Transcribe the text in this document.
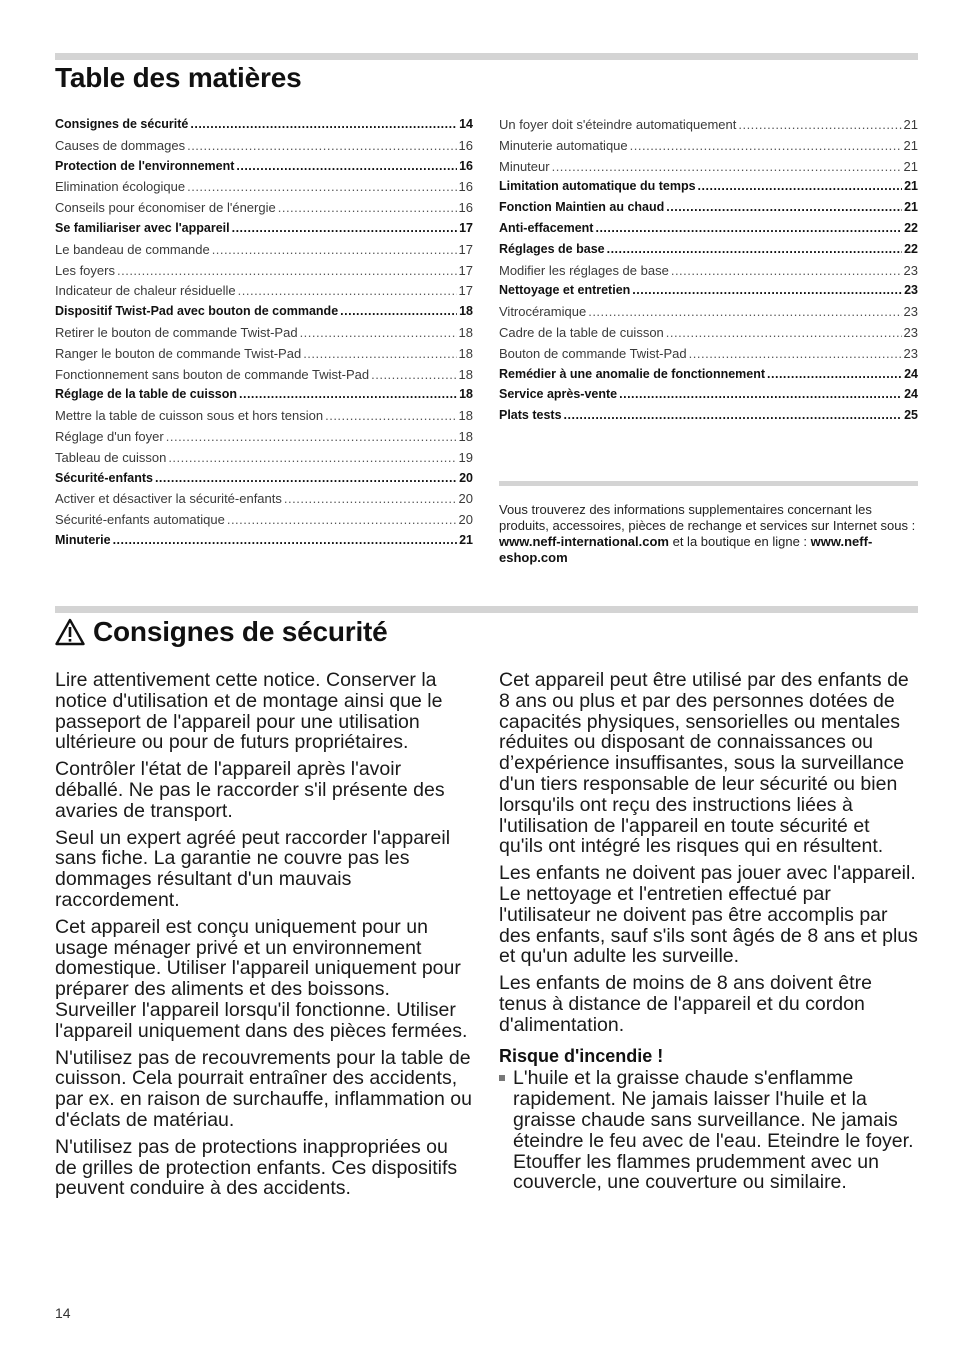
Table des matières
Consignes de sécurité .....	14
Causes de dommages .....	16
Protection de l'environnement .....	16
Elimination écologique .....	16
Conseils pour économiser de l'énergie .....	16
Se familiariser avec l'appareil .....	17
Le bandeau de commande .....	17
Les foyers .....	17
Indicateur de chaleur résiduelle .....	17
Dispositif Twist-Pad avec bouton de commande .....	18
Retirer le bouton de commande Twist-Pad .....	18
Ranger le bouton de commande Twist-Pad .....	18
Fonctionnement sans bouton de commande Twist-Pad .....	18
Réglage de la table de cuisson .....	18
Mettre la table de cuisson sous et hors tension .....	18
Réglage d'un foyer .....	18
Tableau de cuisson .....	19
Sécurité-enfants .....	20
Activer et désactiver la sécurité-enfants .....	20
Sécurité-enfants automatique .....	20
Minuterie .....	21
Un foyer doit s'éteindre automatiquement .....	21
Minuterie automatique .....	21
Minuteur .....	21
Limitation automatique du temps .....	21
Fonction Maintien au chaud .....	21
Anti-effacement .....	22
Réglages de base .....	22
Modifier les réglages de base .....	23
Nettoyage et entretien .....	23
Vitrocéramique .....	23
Cadre de la table de cuisson .....	23
Bouton de commande Twist-Pad .....	23
Remédier à une anomalie de fonctionnement .....	24
Service après-vente .....	24
Plats tests .....	25
Vous trouverez des informations supplementaires concernant les produits, accessoires, pièces de rechange et services sur Internet sous : www.neff-international.com et la boutique en ligne : www.neff-eshop.com
Consignes de sécurité

Lire attentivement cette notice. Conserver la notice d'utilisation et de montage ainsi que le passeport de l'appareil pour une utilisation ultérieure ou pour de futurs propriétaires.

Contrôler l'état de l'appareil après l'avoir déballé. Ne pas le raccorder s'il présente des avaries de transport.

Seul un expert agréé peut raccorder l'appareil sans fiche. La garantie ne couvre pas les dommages résultant d'un mauvais raccordement.

Cet appareil est conçu uniquement pour un usage ménager privé et un environnement domestique. Utiliser l'appareil uniquement pour préparer des aliments et des boissons. Surveiller l'appareil lorsqu'il fonctionne. Utiliser l'appareil uniquement dans des pièces fermées.

N'utilisez pas de recouvrements pour la table de cuisson. Cela pourrait entraîner des accidents, par ex. en raison de surchauffe, inflammation ou d'éclats de matériau.

N'utilisez pas de protections inappropriées ou de grilles de protection enfants. Ces dispositifs peuvent conduire à des accidents.

Cet appareil peut être utilisé par des enfants de 8 ans ou plus et par des personnes dotées de capacités physiques, sensorielles ou mentales réduites ou disposant de connaissances ou d’expérience insuffisantes, sous la surveillance d'un tiers responsable de leur sécurité ou bien lorsqu'ils ont reçu des instructions liées à l'utilisation de l'appareil en toute sécurité et qu'ils ont intégré les risques qui en résultent.

Les enfants ne doivent pas jouer avec l'appareil. Le nettoyage et l'entretien effectué par l'utilisateur ne doivent pas être accomplis par des enfants, sauf s'ils sont âgés de 8 ans et plus et qu'un adulte les surveille.

Les enfants de moins de 8 ans doivent être tenus à distance de l'appareil et du cordon d'alimentation.

Risque d'incendie !
L'huile et la graisse chaude s'enflamme rapidement. Ne jamais laisser l'huile et la graisse chaude sans surveillance. Ne jamais éteindre le feu avec de l'eau. Eteindre le foyer. Etouffer les flammes prudemment avec un couvercle, une couverture ou similaire.
14
